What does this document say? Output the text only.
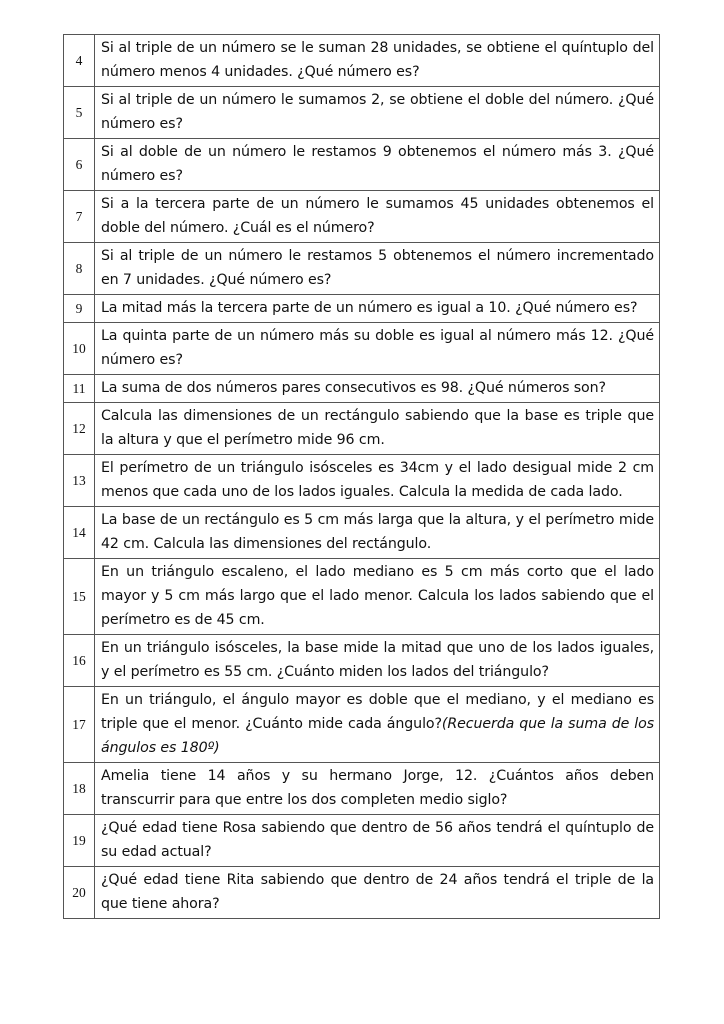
4
Si al triple de un número se le suman 28 unidades, se obtiene el quíntuplo del número menos 4 unidades. ¿Qué número es?
5
Si al triple de un número le sumamos 2, se obtiene el doble del número. ¿Qué número es?
6
Si al doble de un número le restamos 9 obtenemos el número más 3. ¿Qué número es?
7
Si a la tercera parte de un número le sumamos 45 unidades obtenemos el doble del número. ¿Cuál es el número?
8
Si al triple de un número le restamos 5 obtenemos el número incrementado en 7 unidades. ¿Qué número es?
9	La mitad más la tercera parte de un número es igual a 10. ¿Qué número es?
10
La quinta parte de un número más su doble es igual al número más 12. ¿Qué número es?
11	La suma de dos números pares consecutivos es 98. ¿Qué números son?
12
Calcula las dimensiones de un rectángulo sabiendo que la base es triple que la altura y que el perímetro mide 96 cm.
13
El perímetro de un triángulo isósceles es 34cm y el lado desigual mide 2 cm menos que cada uno de los lados iguales. Calcula la medida de cada lado.
14
La base de un rectángulo es 5 cm más larga que la altura, y el perímetro mide 42 cm. Calcula las dimensiones del rectángulo.
15
En un triángulo escaleno, el lado mediano es 5 cm más corto que el lado mayor y 5 cm más largo que el lado menor. Calcula los lados sabiendo que el perímetro es de 45 cm.
16
En un triángulo isósceles, la base mide la mitad que uno de los lados iguales, y el perímetro es 55 cm. ¿Cuánto miden los lados del triángulo?
17
En un triángulo, el ángulo mayor es doble que el mediano, y el mediano es triple que el menor. ¿Cuánto mide cada ángulo?(Recuerda que la suma de los ángulos es 180º)
18
Amelia tiene 14 años y su hermano Jorge, 12. ¿Cuántos años deben transcurrir para que entre los dos completen medio siglo?
19
¿Qué edad tiene Rosa sabiendo que dentro de 56 años tendrá el quíntuplo de su edad actual?
20
¿Qué edad tiene Rita sabiendo que dentro de 24 años tendrá el triple de la que tiene ahora?
